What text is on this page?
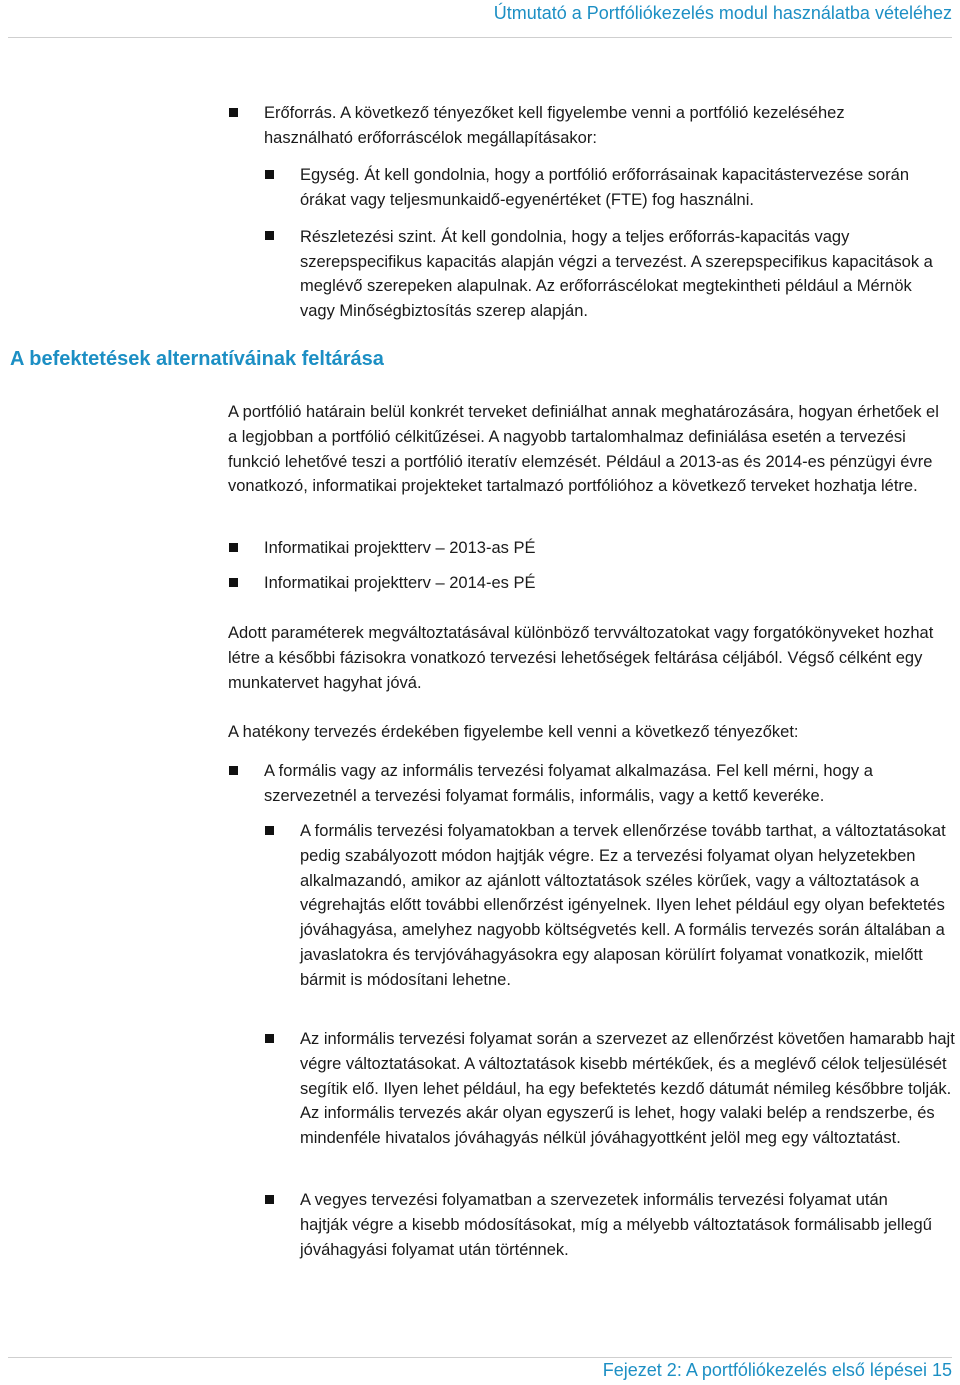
Útmutató a Portfóliókezelés modul használatba vételéhez

Erőforrás. A következő tényezőket kell figyelembe venni a portfólió kezeléséhez használható erőforráscélok megállapításakor:

Egység. Át kell gondolnia, hogy a portfólió erőforrásainak kapacitástervezése során órákat vagy teljesmunkaidő-egyenértéket (FTE) fog használni.

Részletezési szint. Át kell gondolnia, hogy a teljes erőforrás-kapacitás vagy szerepspecifikus kapacitás alapján végzi a tervezést. A szerepspecifikus kapacitások a meglévő szerepeken alapulnak. Az erőforráscélokat megtekintheti például a Mérnök vagy Minőségbiztosítás szerep alapján.

A befektetések alternatíváinak feltárása

A portfólió határain belül konkrét terveket definiálhat annak meghatározására, hogyan érhetőek el a legjobban a portfólió célkitűzései. A nagyobb tartalomhalmaz definiálása esetén a tervezési funkció lehetővé teszi a portfólió iteratív elemzését. Például a 2013-as és 2014-es pénzügyi évre vonatkozó, informatikai projekteket tartalmazó portfólióhoz a következő terveket hozhatja létre.

Informatikai projektterv – 2013-as PÉ

Informatikai projektterv – 2014-es PÉ

Adott paraméterek megváltoztatásával különböző tervváltozatokat vagy forgatókönyveket hozhat létre a későbbi fázisokra vonatkozó tervezési lehetőségek feltárása céljából. Végső célként egy munkatervet hagyhat jóvá.

A hatékony tervezés érdekében figyelembe kell venni a következő tényezőket:

A formális vagy az informális tervezési folyamat alkalmazása. Fel kell mérni, hogy a szervezetnél a tervezési folyamat formális, informális, vagy a kettő keveréke.

A formális tervezési folyamatokban a tervek ellenőrzése tovább tarthat, a változtatásokat pedig szabályozott módon hajtják végre. Ez a tervezési folyamat olyan helyzetekben alkalmazandó, amikor az ajánlott változtatások széles körűek, vagy a változtatások a végrehajtás előtt további ellenőrzést igényelnek. Ilyen lehet például egy olyan befektetés jóváhagyása, amelyhez nagyobb költségvetés kell. A formális tervezés során általában a javaslatokra és tervjóváhagyásokra egy alaposan körülírt folyamat vonatkozik, mielőtt bármit is módosítani lehetne.

Az informális tervezési folyamat során a szervezet az ellenőrzést követően hamarabb hajt végre változtatásokat. A változtatások kisebb mértékűek, és a meglévő célok teljesülését segítik elő. Ilyen lehet például, ha egy befektetés kezdő dátumát némileg későbbre tolják. Az informális tervezés akár olyan egyszerű is lehet, hogy valaki belép a rendszerbe, és mindenféle hivatalos jóváhagyás nélkül jóváhagyottként jelöl meg egy változtatást.

A vegyes tervezési folyamatban a szervezetek informális tervezési folyamat után hajtják végre a kisebb módosításokat, míg a mélyebb változtatások formálisabb jellegű jóváhagyási folyamat után történnek.

Fejezet 2: A portfóliókezelés első lépései 15
